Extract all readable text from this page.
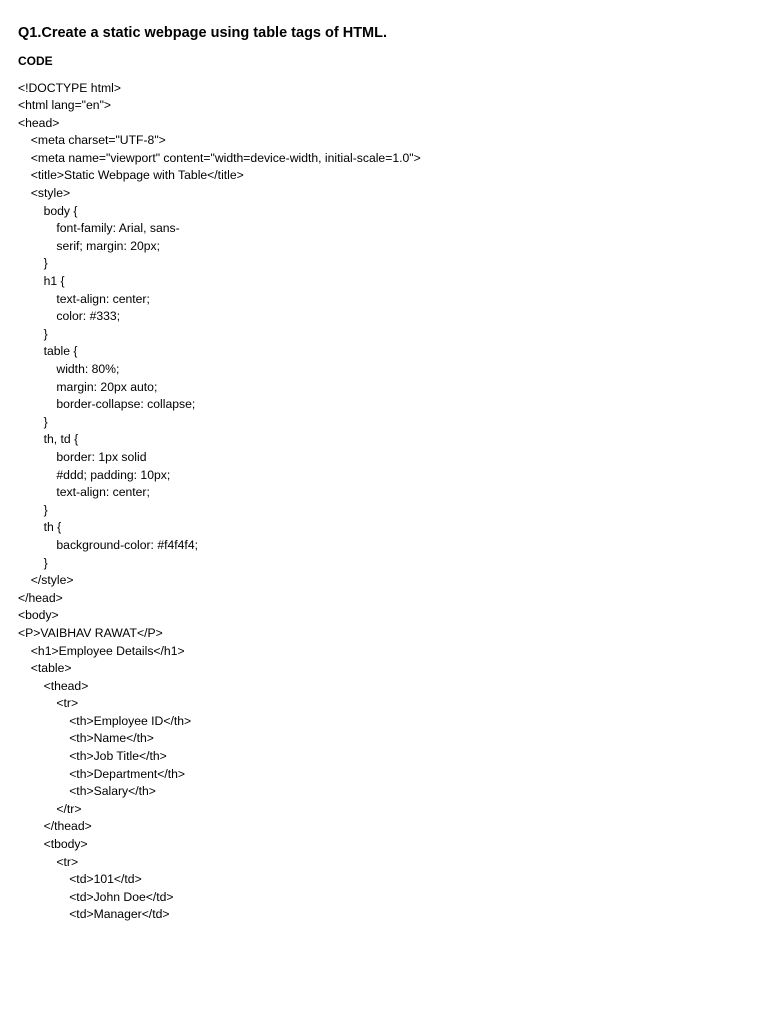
Q1.Create a static webpage using table tags of HTML.

CODE

<!DOCTYPE html>
<html lang="en">
<head>
<meta charset="UTF-8">
<meta name="viewport" content="width=device-width, initial-scale=1.0">
<title>Static Webpage with Table</title>
<style>
body {
font-family: Arial, sans-
serif; margin: 20px;
}
h1 {
text-align: center;
color: #333;
}
table {
width: 80%;
margin: 20px auto;
border-collapse: collapse;
}
th, td {
border: 1px solid
#ddd; padding: 10px;
text-align: center;
}
th {
background-color: #f4f4f4;
}
</style>
</head>
<body>
<P>VAIBHAV RAWAT</P>
<h1>Employee Details</h1>
<table>
<thead>
<tr>
<th>Employee ID</th>
<th>Name</th>
<th>Job Title</th>
<th>Department</th>
<th>Salary</th>
</tr>
</thead>
<tbody>
<tr>
<td>101</td>
<td>John Doe</td>
<td>Manager</td>
